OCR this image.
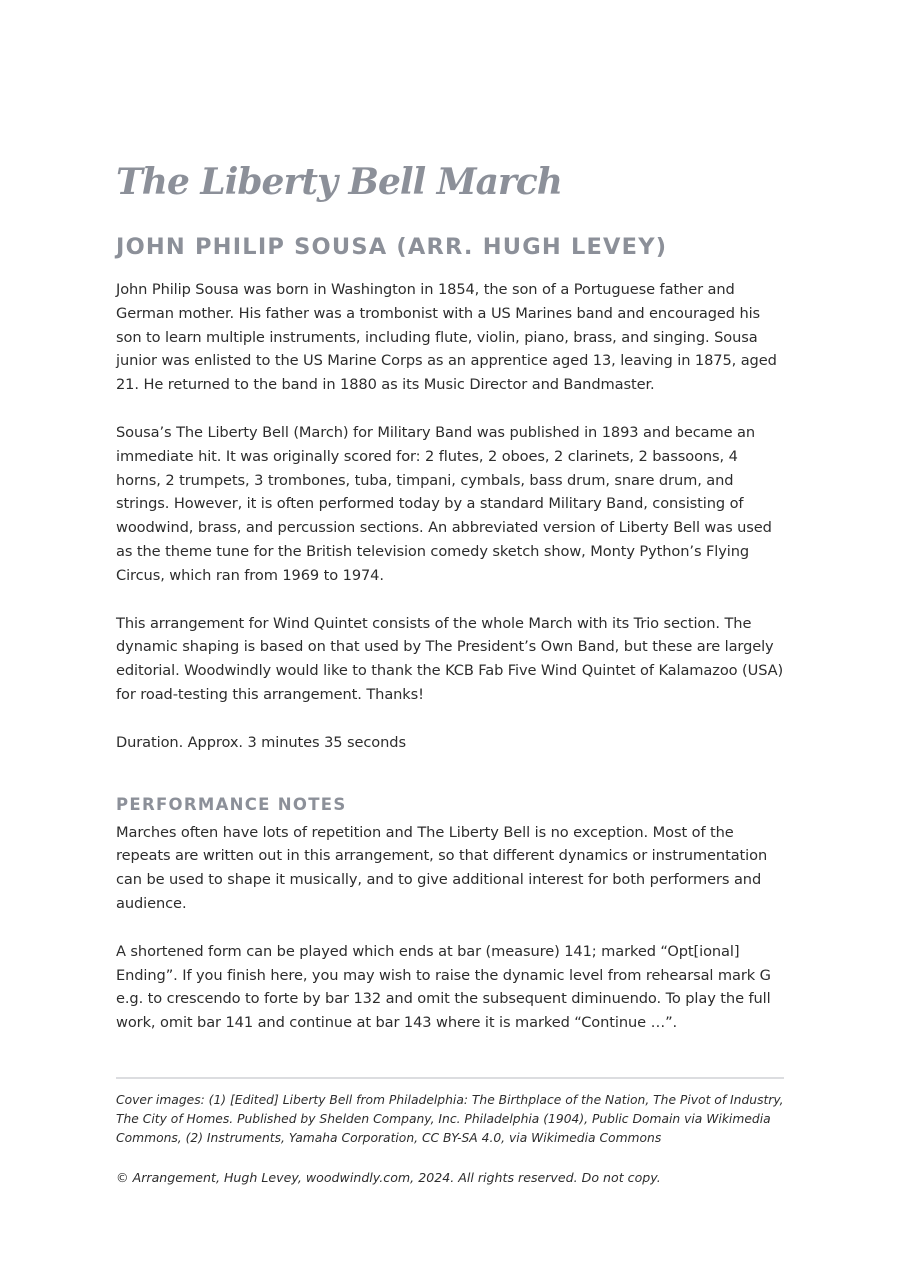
The Liberty Bell March
JOHN PHILIP SOUSA (ARR. HUGH LEVEY)

John Philip Sousa was born in Washington in 1854, the son of a Portuguese father and German mother. His father was a trombonist with a US Marines band and encouraged his son to learn multiple instruments, including flute, violin, piano, brass, and singing. Sousa junior was enlisted to the US Marine Corps as an apprentice aged 13, leaving in 1875, aged 21. He returned to the band in 1880 as its Music Director and Bandmaster.

Sousa’s The Liberty Bell (March) for Military Band was published in 1893 and became an immediate hit. It was originally scored for: 2 flutes, 2 oboes, 2 clarinets, 2 bassoons, 4 horns, 2 trumpets, 3 trombones, tuba, timpani, cymbals, bass drum, snare drum, and strings. However, it is often performed today by a standard Military Band, consisting of woodwind, brass, and percussion sections. An abbreviated version of Liberty Bell was used as the theme tune for the British television comedy sketch show, Monty Python’s Flying Circus, which ran from 1969 to 1974.

This arrangement for Wind Quintet consists of the whole March with its Trio section. The dynamic shaping is based on that used by The President’s Own Band, but these are largely editorial. Woodwindly would like to thank the KCB Fab Five Wind Quintet of Kalamazoo (USA) for road-testing this arrangement. Thanks!

Duration. Approx. 3 minutes 35 seconds

PERFORMANCE NOTES

Marches often have lots of repetition and The Liberty Bell is no exception. Most of the repeats are written out in this arrangement, so that different dynamics or instrumentation can be used to shape it musically, and to give additional interest for both performers and audience.

A shortened form can be played which ends at bar (measure) 141; marked “Opt[ional] Ending”. If you finish here, you may wish to raise the dynamic level from rehearsal mark G e.g. to crescendo to forte by bar 132 and omit the subsequent diminuendo. To play the full work, omit bar 141 and continue at bar 143 where it is marked “Continue …”.

Cover images: (1) [Edited] Liberty Bell from Philadelphia: The Birthplace of the Nation, The Pivot of Industry, The City of Homes. Published by Shelden Company, Inc. Philadelphia (1904), Public Domain via Wikimedia Commons, (2) Instruments, Yamaha Corporation, CC BY-SA 4.0, via Wikimedia Commons

© Arrangement, Hugh Levey, woodwindly.com, 2024. All rights reserved. Do not copy.
